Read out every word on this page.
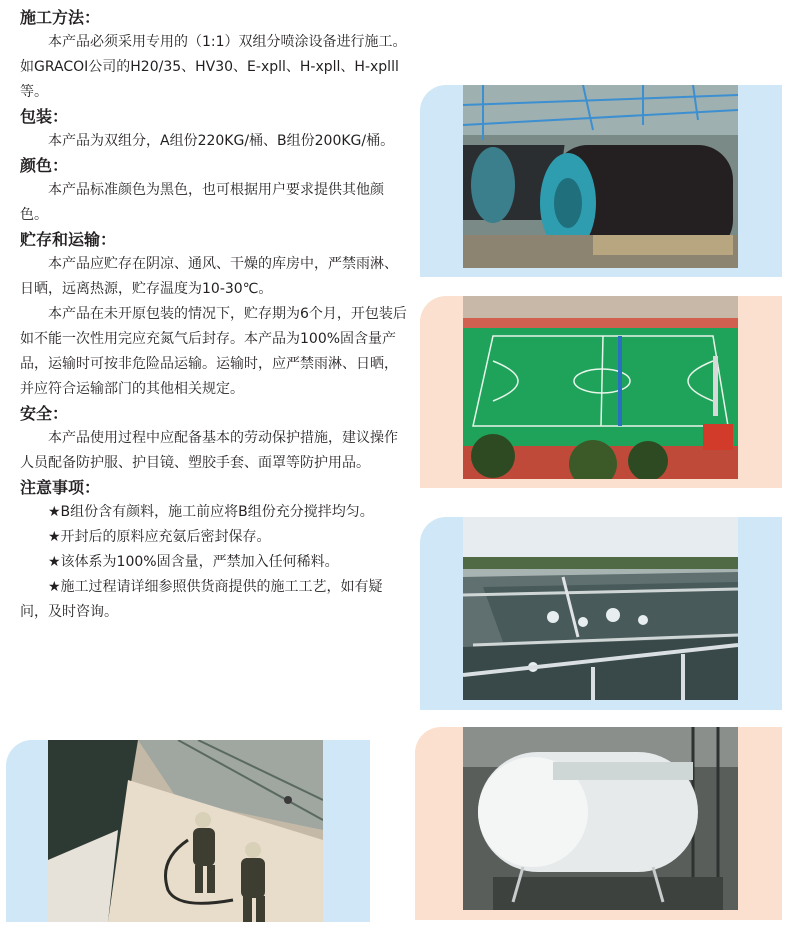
施工方法：

本产品必须采用专用的（1:1）双组分喷涂设备进行施工。如GRACOI公司的H20/35、HV30、E-xpll、H-xpll、H-xplll等。

包装：

本产品为双组分，A组份220KG/桶、B组份200KG/桶。

颜色：

本产品标准颜色为黑色，也可根据用户要求提供其他颜色。

贮存和运输：

本产品应贮存在阴凉、通风、干燥的库房中，严禁雨淋、日晒，远离热源，贮存温度为10-30℃。

本产品在未开原包装的情况下，贮存期为6个月，开包装后如不能一次性用完应充氮气后封存。本产品为100%固含量产品，运输时可按非危险品运输。运输时，应严禁雨淋、日晒，并应符合运输部门的其他相关规定。

安全：

本产品使用过程中应配备基本的劳动保护措施，建议操作人员配备防护服、护目镜、塑胶手套、面罩等防护用品。

注意事项：

★B组份含有颜料，施工前应将B组份充分搅拌均匀。

★开封后的原料应充氨后密封保存。

★该体系为100%固含量，严禁加入任何稀料。

★施工过程请详细参照供货商提供的施工工艺，如有疑问，及时咨询。
